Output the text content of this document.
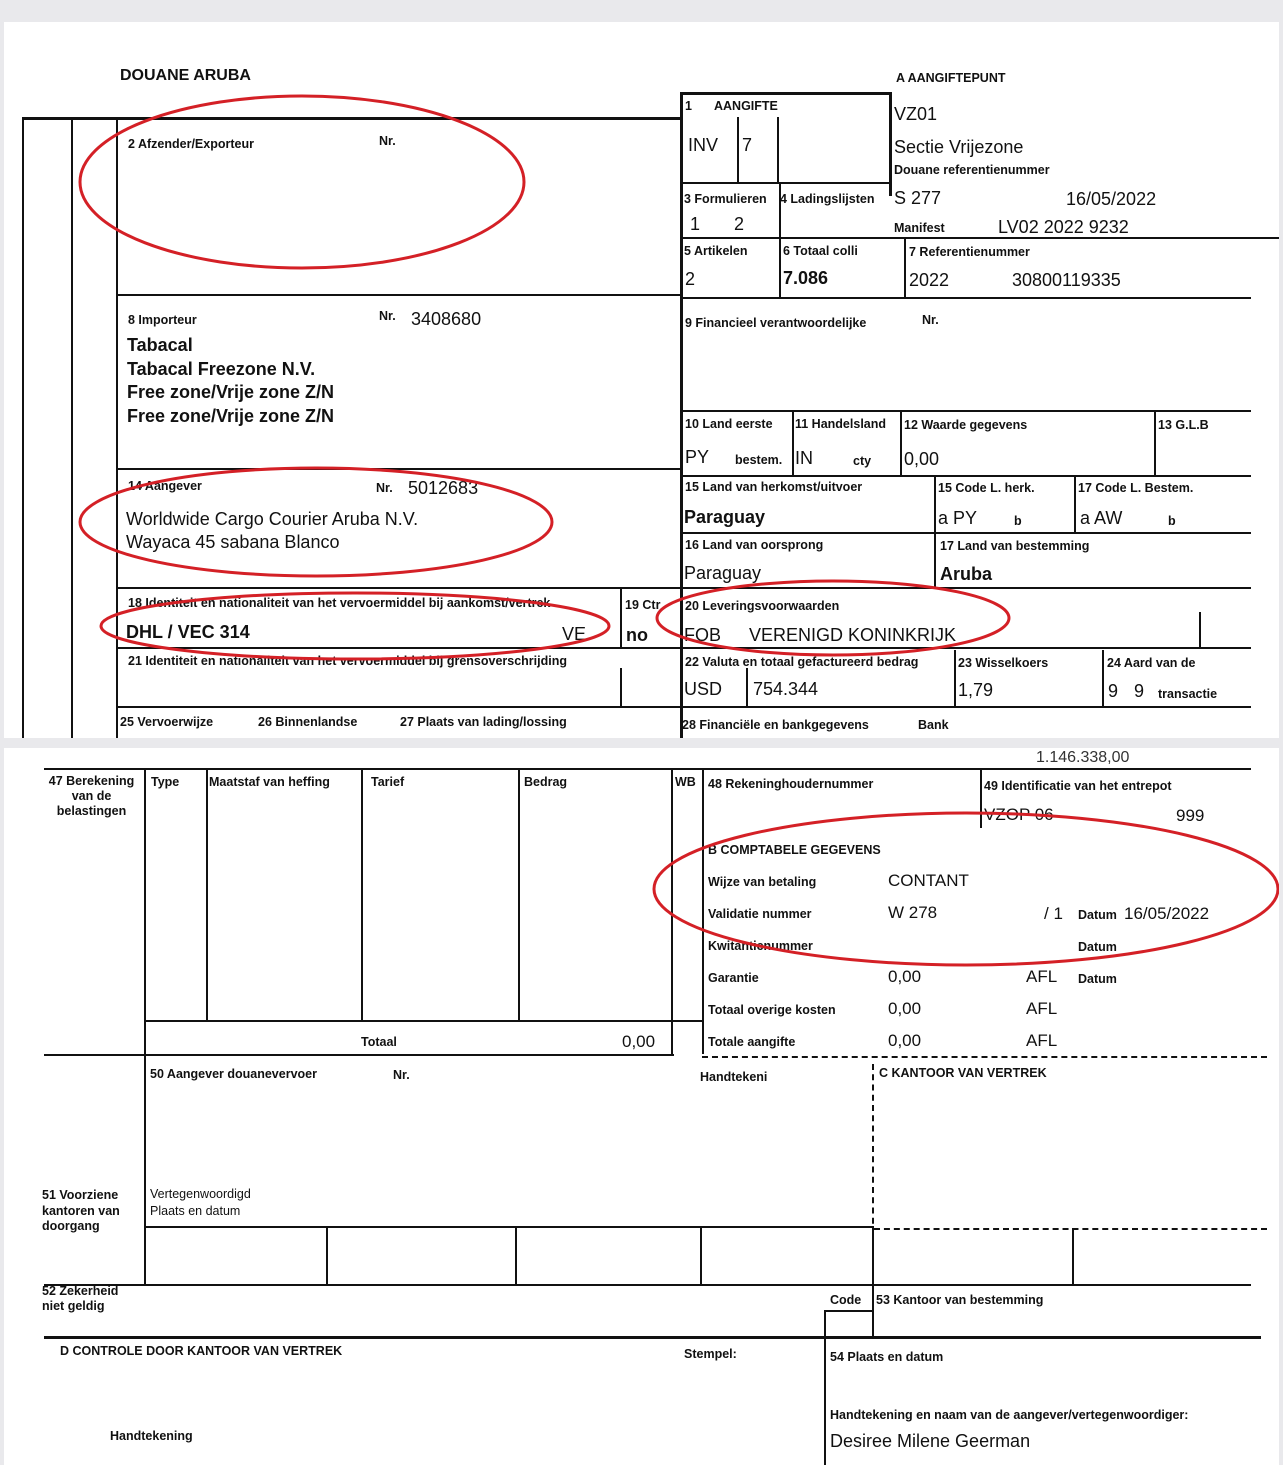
DOUANE ARUBA	A AANGIFTEPUNT
VZ01
Sectie Vrijezone
Douane referentienummer
S 277	16/05/2022
Manifest	LV02 2022 9232
1 AANGIFTE
INV 7
2 Afzender/Exporteur	Nr.
3 Formulieren
1 2
4 Ladingslijsten
5 Artikelen
2
6 Totaal colli
7.086
7 Referentienummer
2022	30800119335
8 Importeur	Nr. 3408680
Tabacal
Tabacal Freezone N.V.
Free zone/Vrije zone Z/N
Free zone/Vrije zone Z/N
9 Financieel verantwoordelijke	Nr.
10 Land eerste
PY bestem.
11 Handelsland
IN	cty
12 Waarde gegevens
0,00
13 G.L.B
14 Aangever	Nr. 5012683
Worldwide Cargo Courier Aruba N.V.
Wayaca 45 sabana Blanco
15 Land van herkomst/uitvoer
Paraguay
15 Code L. herk.
a PY	b
17 Code L. Bestem.
a AW	b
16 Land van oorsprong
Paraguay
17 Land van bestemming
Aruba
18 Identiteit en nationaliteit van het vervoermiddel bij aankomst/vertrek
DHL / VEC 314	VE
19 Ctr
no
20 Leveringsvoorwaarden
FOB VERENIGD KONINKRIJK
21 Identiteit en nationaliteit van het vervoermiddel bij grensoverschrijding	22 Valuta en totaal gefactureerd bedrag
USD 754.344
23 Wisselkoers
1,79
24 Aard van de
9 9 transactie
25 Vervoerwijze	26 Binnenlandse	27 Plaats van lading/lossing	28 Financiële en bankgegevens	Bank
1.146.338,00
47 Berekening van de belastingen
Type Maatstaf van heffing	Tarief	Bedrag	WB
Totaal	0,00
48 Rekeninghoudernummer	49 Identificatie van het entrepot
VZOP 06	999
B COMPTABELE GEGEVENS
Wijze van betaling	CONTANT
Validatie nummer	W 278	/ 1 Datum 16/05/2022
Kwitantienummer	Datum
Garantie	0,00	AFL Datum
Totaal overige kosten	0,00	AFL
Totale aangifte	0,00	AFL
50 Aangever douanevervoer	Nr.	Handtekeni	C KANTOOR VAN VERTREK
Vertegenwoordigd
Plaats en datum
51 Voorziene kantoren van doorgang
52 Zekerheid niet geldig	Code 53 Kantoor van bestemming
D CONTROLE DOOR KANTOOR VAN VERTREK	Stempel:	54 Plaats en datum
Handtekening
Handtekening en naam van de aangever/vertegenwoordiger:
Desiree Milene Geerman
